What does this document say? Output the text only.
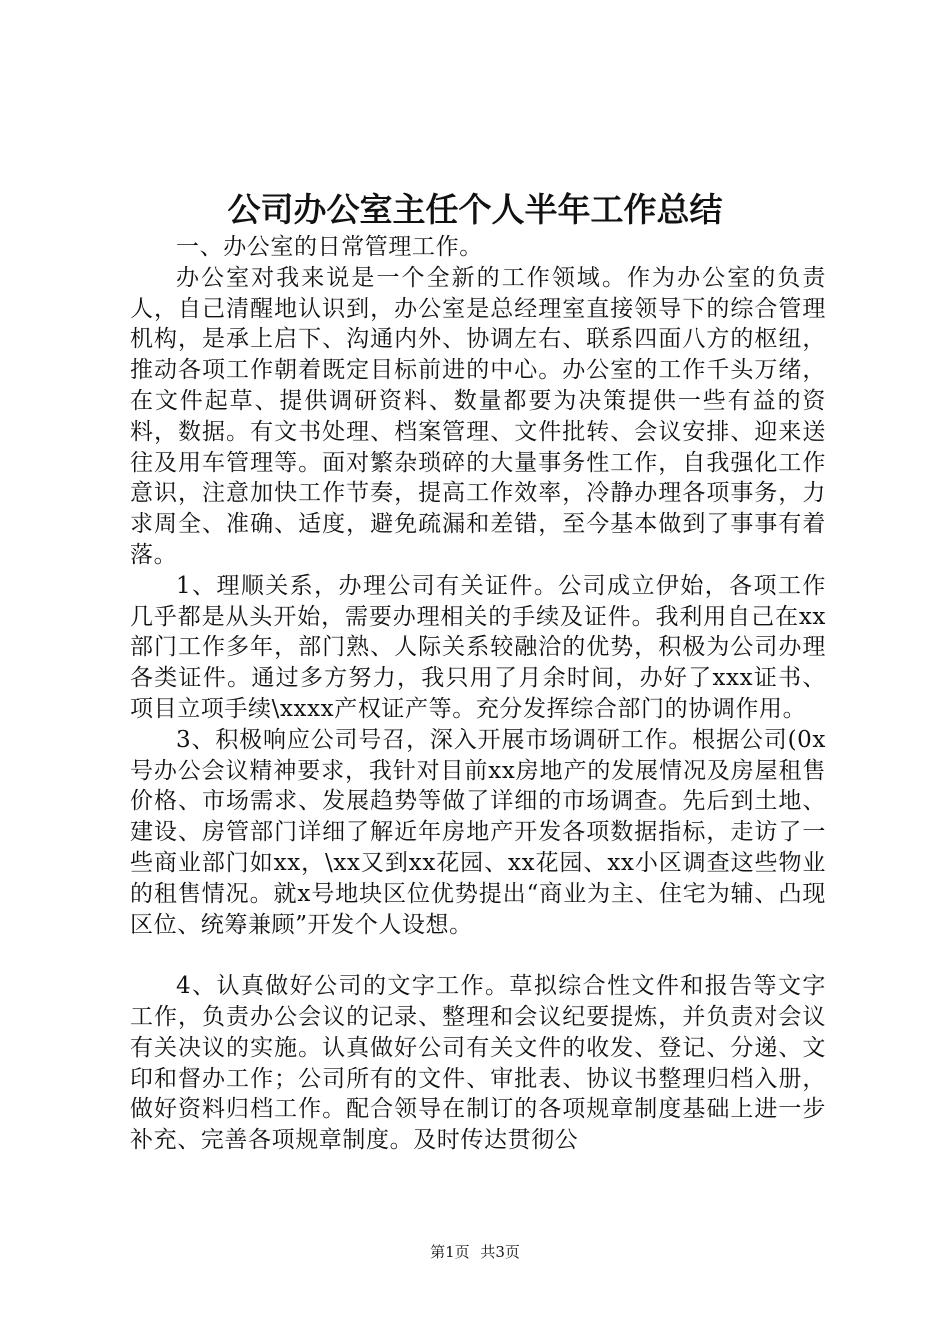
公司办公室主任个人半年工作总结

一、办公室的日常管理工作。

办公室对我来说是一个全新的工作领域。作为办公室的负责人，自己清醒地认识到，办公室是总经理室直接领导下的综合管理机构，是承上启下、沟通内外、协调左右、联系四面八方的枢纽，推动各项工作朝着既定目标前进的中心。办公室的工作千头万绪，在文件起草、提供调研资料、数量都要为决策提供一些有益的资料，数据。有文书处理、档案管理、文件批转、会议安排、迎来送往及用车管理等。面对繁杂琐碎的大量事务性工作，自我强化工作意识，注意加快工作节奏，提高工作效率，冷静办理各项事务，力求周全、准确、适度，避免疏漏和差错，至今基本做到了事事有着落。

1、理顺关系，办理公司有关证件。公司成立伊始，各项工作几乎都是从头开始，需要办理相关的手续及证件。我利用自己在xx部门工作多年，部门熟、人际关系较融洽的优势，积极为公司办理各类证件。通过多方努力，我只用了月余时间，办好了xxx证书、项目立项手续\xxxx产权证产等。充分发挥综合部门的协调作用。

3、积极响应公司号召，深入开展市场调研工作。根据公司(0x号办公会议精神要求，我针对目前xx房地产的发展情况及房屋租售价格、市场需求、发展趋势等做了详细的市场调查。先后到土地、建设、房管部门详细了解近年房地产开发各项数据指标，走访了一些商业部门如xx，\xx又到xx花园、xx花园、xx小区调查这些物业的租售情况。就x号地块区位优势提出“商业为主、住宅为辅、凸现区位、统筹兼顾”开发个人设想。

4、认真做好公司的文字工作。草拟综合性文件和报告等文字工作，负责办公会议的记录、整理和会议纪要提炼，并负责对会议有关决议的实施。认真做好公司有关文件的收发、登记、分递、文印和督办工作；公司所有的文件、审批表、协议书整理归档入册，做好资料归档工作。配合领导在制订的各项规章制度基础上进一步补充、完善各项规章制度。及时传达贯彻公

第1页 共3页
